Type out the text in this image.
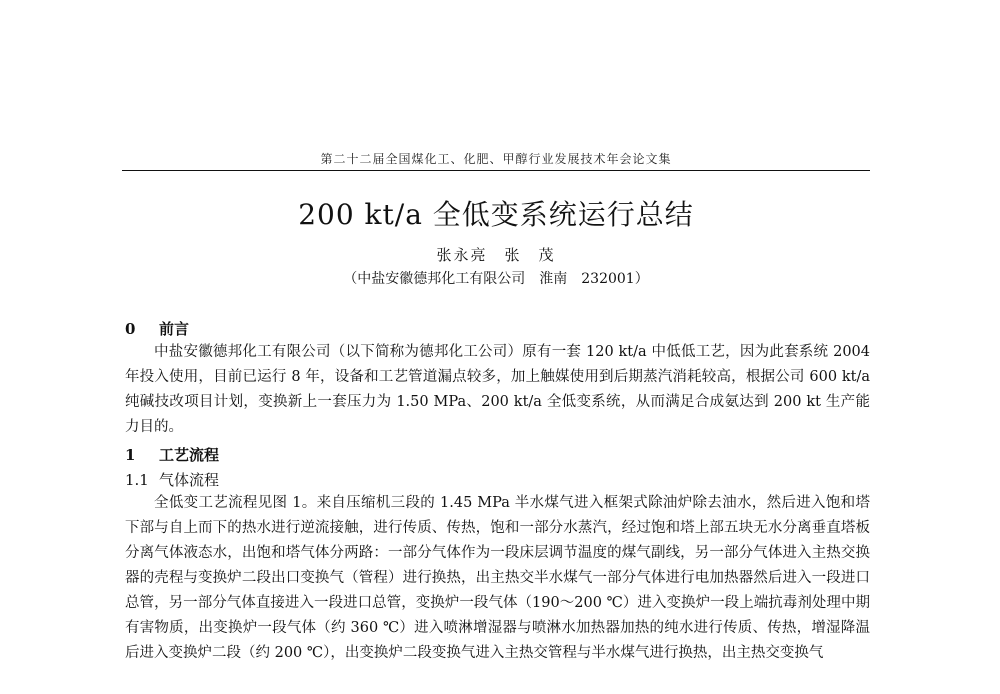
第二十二届全国煤化工、化肥、甲醇行业发展技术年会论文集
200 kt/a 全低变系统运行总结
张永亮　张　茂
（中盐安徽德邦化工有限公司　淮南　232001）
0 前言

中盐安徽德邦化工有限公司（以下简称为德邦化工公司）原有一套 120 kt/a 中低低工艺，因为此套系统 2004 年投入使用，目前已运行 8 年，设备和工艺管道漏点较多，加上触媒使用到后期蒸汽消耗较高，根据公司 600 kt/a 纯碱技改项目计划，变换新上一套压力为 1.50 MPa、200 kt/a 全低变系统，从而满足合成氨达到 200 kt 生产能力目的。

1 工艺流程
1.1 气体流程

全低变工艺流程见图 1。来自压缩机三段的 1.45 MPa 半水煤气进入框架式除油炉除去油水，然后进入饱和塔下部与自上而下的热水进行逆流接触，进行传质、传热，饱和一部分水蒸汽，经过饱和塔上部五块无水分离垂直塔板分离气体液态水，出饱和塔气体分两路：一部分气体作为一段床层调节温度的煤气副线，另一部分气体进入主热交换器的壳程与变换炉二段出口变换气（管程）进行换热，出主热交半水煤气一部分气体进行电加热器然后进入一段进口总管，另一部分气体直接进入一段进口总管，变换炉一段气体（190～200 ℃）进入变换炉一段上端抗毒剂处理中期有害物质，出变换炉一段气体（约 360 ℃）进入喷淋增湿器与喷淋水加热器加热的纯水进行传质、传热，增湿降温后进入变换炉二段（约 200 ℃），出变换炉二段变换气进入主热交管程与半水煤气进行换热，出主热交变换气
